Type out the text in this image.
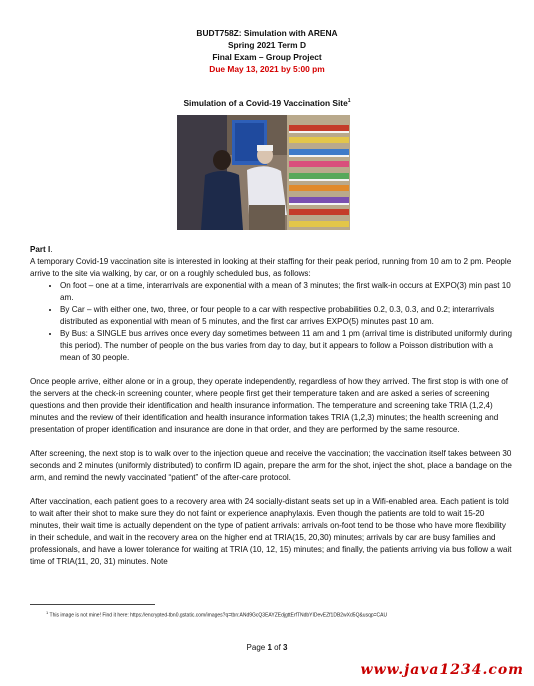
BUDT758Z: Simulation with ARENA
Spring 2021 Term D
Final Exam – Group Project
Due May 13, 2021 by 5:00 pm
Simulation of a Covid-19 Vaccination Site$^1$

Part I.

A temporary Covid-19 vaccination site is interested in looking at their staffing for their peak period, running from 10 am to 2 pm. People arrive to the site via walking, by car, or on a roughly scheduled bus, as follows:

• On foot – one at a time, interarrivals are exponential with a mean of 3 minutes; the first walk-in occurs at EXPO(3) min past 10 am.
• By Car – with either one, two, three, or four people to a car with respective probabilities 0.2, 0.3, 0.3, and 0.2; interarrivals distributed as exponential with mean of 5 minutes, and the first car arrives EXPO(5) minutes past 10 am.
• By Bus: a SINGLE bus arrives once every day sometimes between 11 am and 1 pm (arrival time is distributed uniformly during this period). The number of people on the bus varies from day to day, but it appears to follow a Poisson distribution with a mean of 30 people.

Once people arrive, either alone or in a group, they operate independently, regardless of how they arrived. The first stop is with one of the servers at the check-in screening counter, where people first get their temperature taken and are asked a series of screening questions and then provide their identification and health insurance information. The temperature and screening take TRIA (1,2,4) minutes and the review of their identification and health insurance information takes TRIA (1,2,3) minutes; the health screening and presentation of proper identification and insurance are done in that order, and they are performed by the same resource.

After screening, the next stop is to walk over to the injection queue and receive the vaccination; the vaccination itself takes between 30 seconds and 2 minutes (uniformly distributed) to confirm ID again, prepare the arm for the shot, inject the shot, place a bandage on the arm, and remind the newly vaccinated “patient” of the after-care protocol.

After vaccination, each patient goes to a recovery area with 24 socially-distant seats set up in a Wifi-enabled area. Each patient is told to wait after their shot to make sure they do not faint or experience anaphylaxis. Even though the patients are told to wait 15-20 minutes, their wait time is actually dependent on the type of patient arrivals: arrivals on-foot tend to be those who have more flexibility in their schedule, and wait in the recovery area on the higher end at TRIA(15, 20,30) minutes; arrivals by car are busy families and professionals, and have a lower tolerance for waiting at TRIA (10, 12, 15) minutes; and finally, the patients arriving via bus follow a wait time of TRIA(11, 20, 31) minutes. Note

$^1$ This image is not mine! Find it here: https://encrypted-tbn0.gstatic.com/images?q=tbn:ANd9GcQ3EAYZEdjgttErfTNdbYIDevEZf1DB2wXd5Q&usqp=CAU
Page 1 of 3
www.java1234.com
